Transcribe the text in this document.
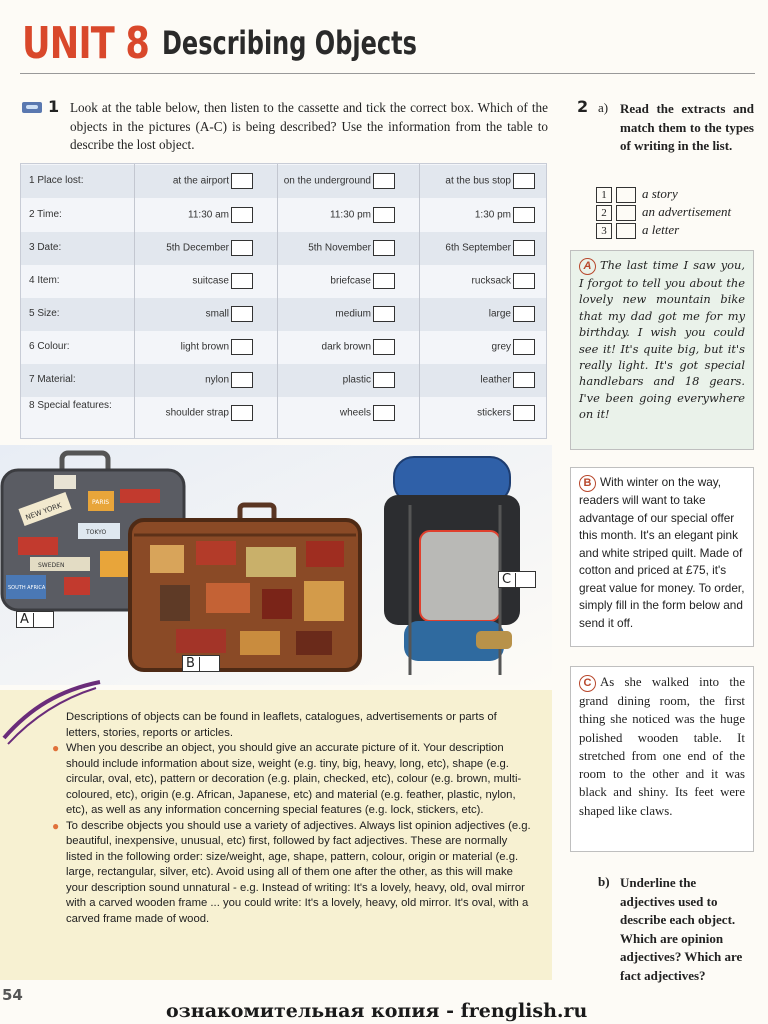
UNIT 8 Describing Objects
1 Look at the table below, then listen to the cassette and tick the correct box. Which of the objects in the pictures (A-C) is being described? Use the information from the table to describe the lost object.
8 Special features:
shoulder strap	wheels	stickers
7 Material:	nylon	plastic	leather
6 Colour:	light brown	dark brown	grey
5 Size:	small	medium	large
4 Item:	suitcase	briefcase	rucksack
3 Date:	5th December	5th November	6th September
2 Time:	11:30 am	11:30 pm	1:30 pm
1 Place lost:	at the airport	on the underground	at the bus stop
NEW YORK	PARIS
TOKYO
SWEDEN
SOUTH AFRICA
A
B
C
Descriptions of objects can be found in leaflets, catalogues, advertisements or parts of letters, stories, reports or articles.
● When you describe an object, you should give an accurate picture of it. Your description should include information about size, weight (e.g. tiny, big, heavy, long, etc), shape (e.g. circular, oval, etc), pattern or decoration (e.g. plain, checked, etc), colour (e.g. brown, multi-coloured, etc), origin (e.g. African, Japanese, etc) and material (e.g. feather, plastic, nylon, etc), as well as any information concerning special features (e.g. lock, stickers, etc).
● To describe objects you should use a variety of adjectives. Always list opinion adjectives (e.g. beautiful, inexpensive, unusual, etc) first, followed by fact adjectives. These are normally listed in the following order: size/weight, age, shape, pattern, colour, origin or material (e.g. large, rectangular, silver, etc). Avoid using all of them one after the other, as this will make your description sound unnatural - e.g. Instead of writing: It's a lovely, heavy, old, oval mirror with a carved wooden frame ... you could write: It's a lovely, heavy, old mirror. It's oval, with a carved frame made of wood.
2 a) Read the extracts and match them to the types of writing in the list.
1	a story
2	an advertisement
3	a letter
A The last time I saw you, I forgot to tell you about the lovely new mountain bike that my dad got me for my birthday. I wish you could see it! It's quite big, but it's really light. It's got special handlebars and 18 gears. I've been going everywhere on it!
B With winter on the way, readers will want to take advantage of our special offer this month. It's an elegant pink and white striped quilt. Made of cotton and priced at £75, it's great value for money. To order, simply fill in the form below and send it off.
C As she walked into the grand dining room, the first thing she noticed was the huge polished wooden table. It stretched from one end of the room to the other and it was black and shiny. Its feet were shaped like claws.
b) Underline the adjectives used to describe each object. Which are opinion adjectives? Which are fact adjectives?
54
ознакомительная копия - frenglish.ru
